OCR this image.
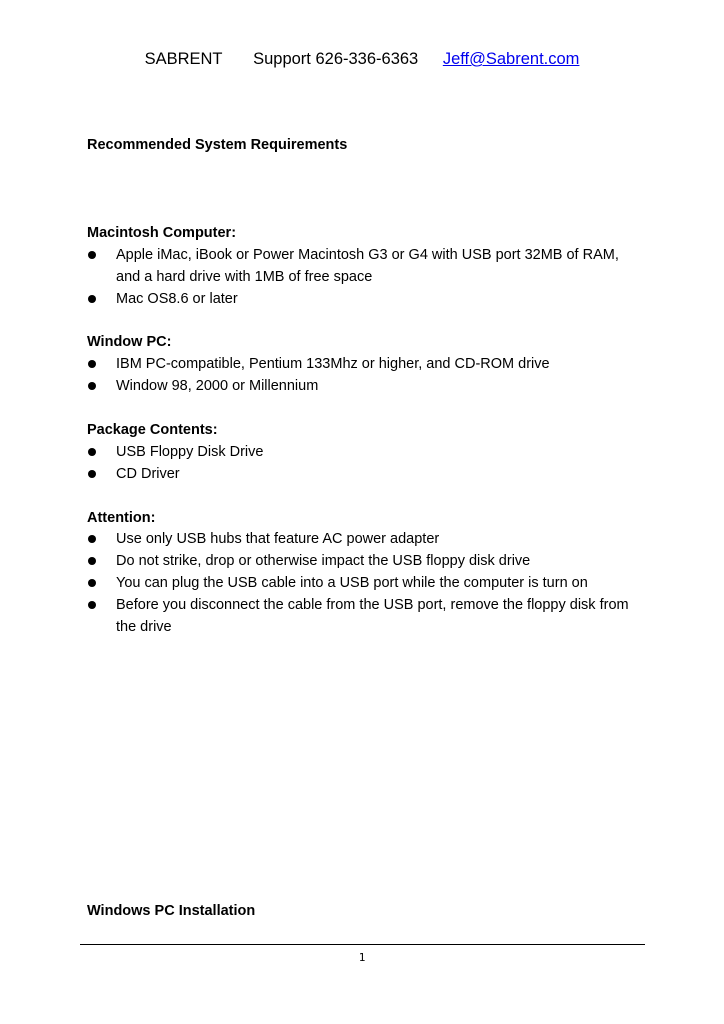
SABRENT Support 626-336-6363 Jeff@Sabrent.com
Recommended System Requirements
Macintosh Computer:
Apple iMac, iBook or Power Macintosh G3 or G4 with USB port 32MB of RAM, and a hard drive with 1MB of free space
Mac OS8.6 or later
Window PC:
IBM PC-compatible, Pentium 133Mhz or higher, and CD-ROM drive
Window 98, 2000 or Millennium
Package Contents:
USB Floppy Disk Drive
CD Driver
Attention:
Use only USB hubs that feature AC power adapter
Do not strike, drop or otherwise impact the USB floppy disk drive
You can plug the USB cable into a USB port while the computer is turn on
Before you disconnect the cable from the USB port, remove the floppy disk from the drive
Windows PC Installation
1
